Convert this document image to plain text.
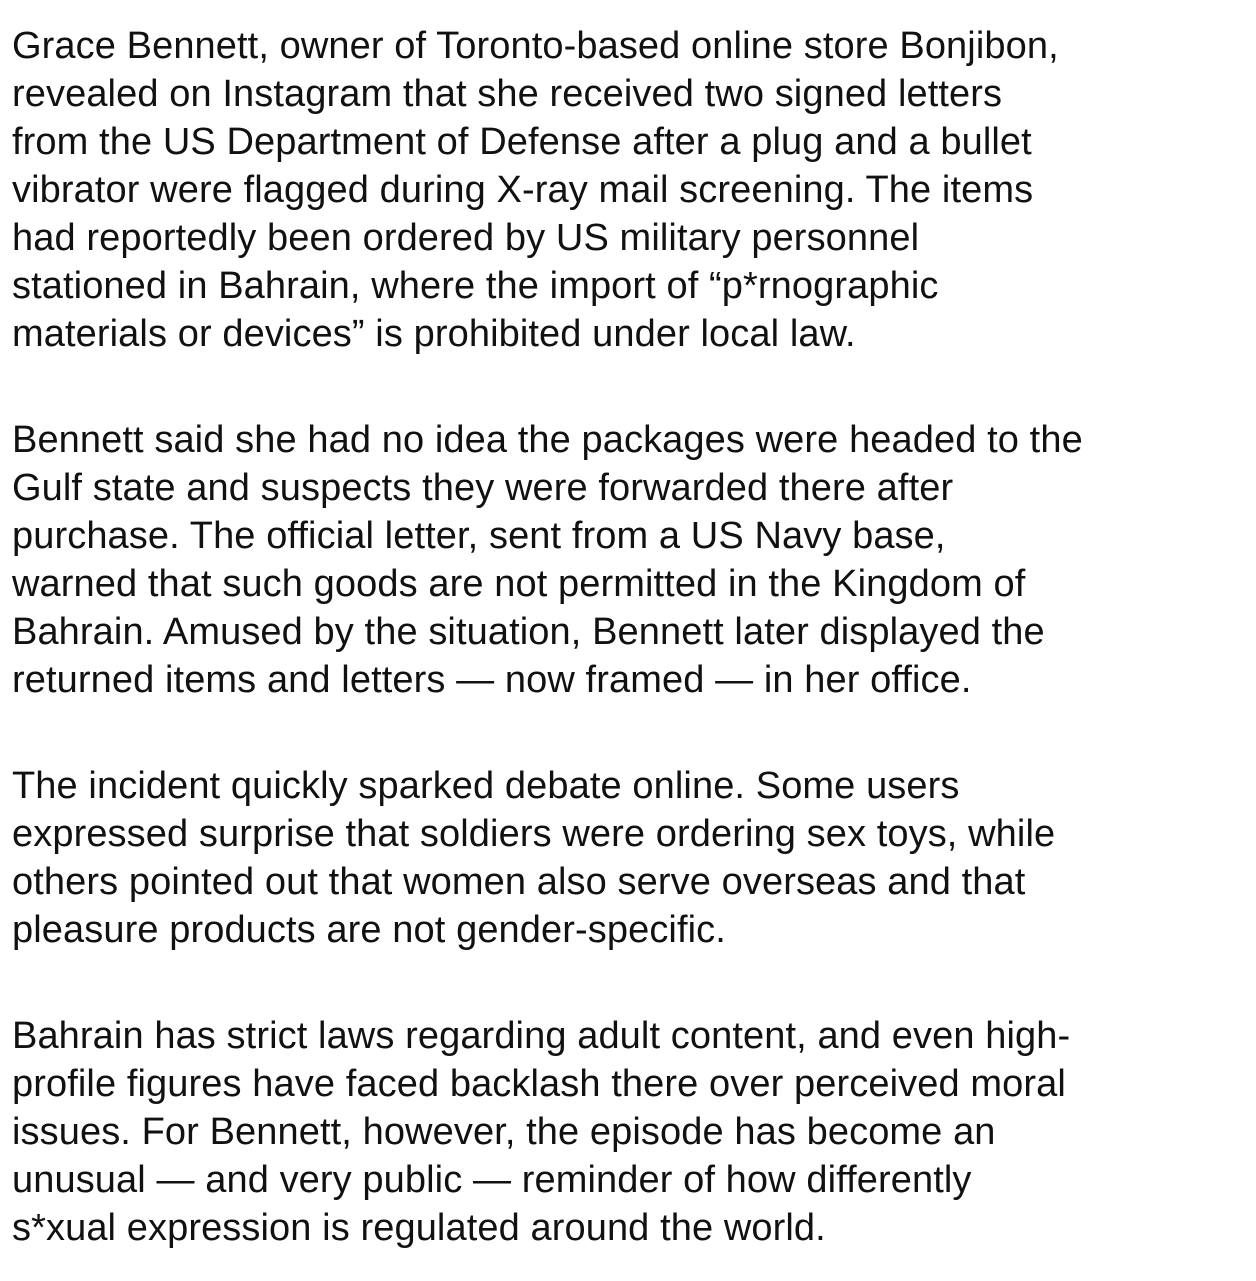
Grace Bennett, owner of Toronto-based online store Bonjibon,
revealed on Instagram that she received two signed letters
from the US Department of Defense after a plug and a bullet
vibrator were flagged during X-ray mail screening. The items
had reportedly been ordered by US military personnel
stationed in Bahrain, where the import of “p*rnographic
materials or devices” is prohibited under local law.

Bennett said she had no idea the packages were headed to the
Gulf state and suspects they were forwarded there after
purchase. The official letter, sent from a US Navy base,
warned that such goods are not permitted in the Kingdom of
Bahrain. Amused by the situation, Bennett later displayed the
returned items and letters — now framed — in her office.

The incident quickly sparked debate online. Some users
expressed surprise that soldiers were ordering sex toys, while
others pointed out that women also serve overseas and that
pleasure products are not gender-specific.

Bahrain has strict laws regarding adult content, and even high-
profile figures have faced backlash there over perceived moral
issues. For Bennett, however, the episode has become an
unusual — and very public — reminder of how differently
s*xual expression is regulated around the world.
